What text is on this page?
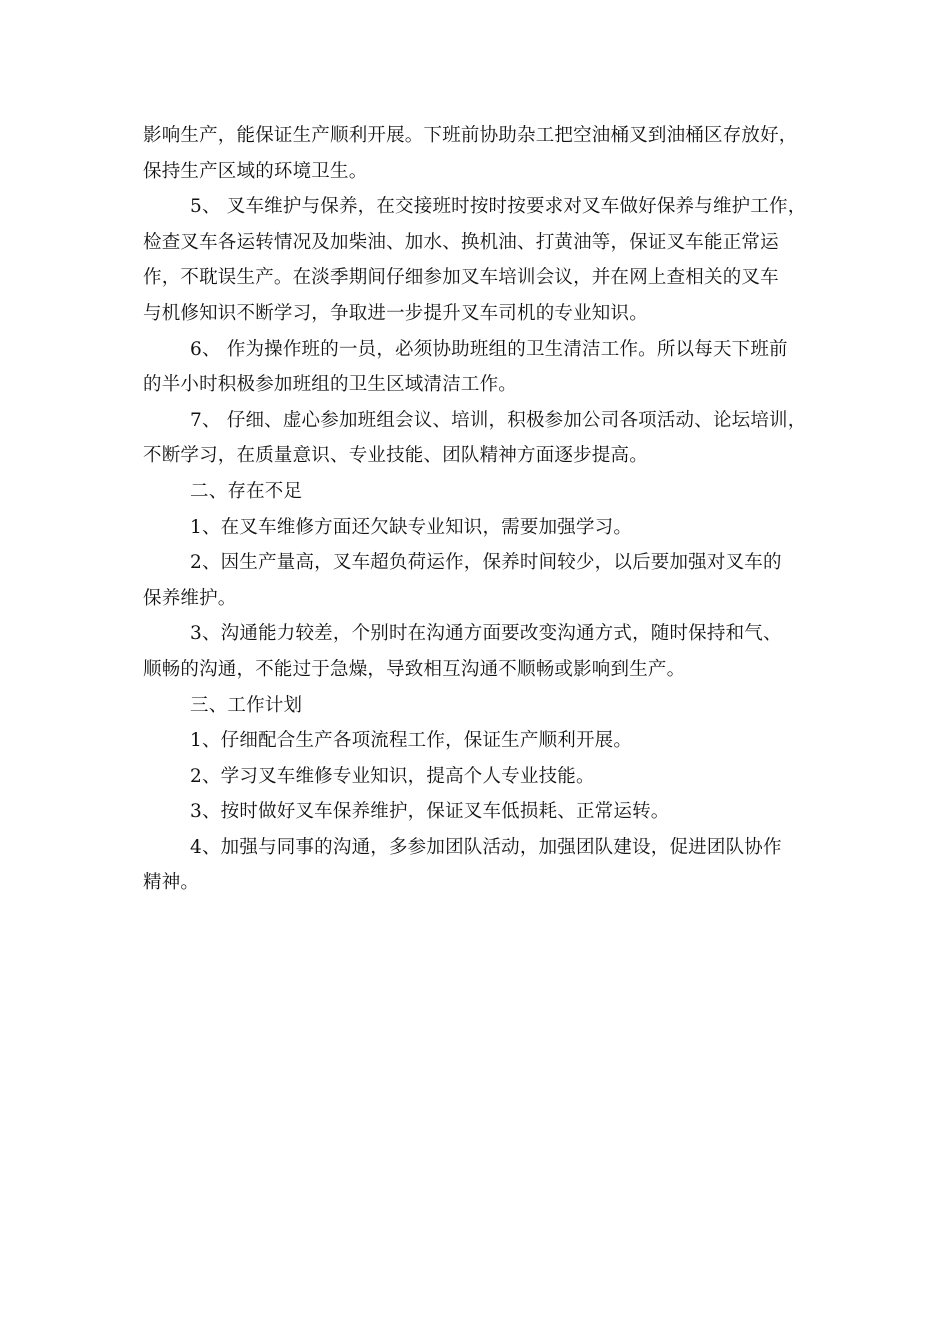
影响生产，能保证生产顺利开展。下班前协助杂工把空油桶叉到油桶区存放好，
保持生产区域的环境卫生。
5、 叉车维护与保养，在交接班时按时按要求对叉车做好保养与维护工作，
检查叉车各运转情况及加柴油、加水、换机油、打黄油等，保证叉车能正常运
作，不耽误生产。在淡季期间仔细参加叉车培训会议，并在网上查相关的叉车
与机修知识不断学习，争取进一步提升叉车司机的专业知识。
6、 作为操作班的一员，必须协助班组的卫生清洁工作。所以每天下班前
的半小时积极参加班组的卫生区域清洁工作。
7、 仔细、虚心参加班组会议、培训，积极参加公司各项活动、论坛培训，
不断学习，在质量意识、专业技能、团队精神方面逐步提高。
二、存在不足
1、在叉车维修方面还欠缺专业知识，需要加强学习。
2、因生产量高，叉车超负荷运作，保养时间较少，以后要加强对叉车的
保养维护。
3、沟通能力较差，个别时在沟通方面要改变沟通方式，随时保持和气、
顺畅的沟通，不能过于急燥，导致相互沟通不顺畅或影响到生产。
三、工作计划
1、仔细配合生产各项流程工作，保证生产顺利开展。
2、学习叉车维修专业知识，提高个人专业技能。
3、按时做好叉车保养维护，保证叉车低损耗、正常运转。
4、加强与同事的沟通，多参加团队活动，加强团队建设，促进团队协作
精神。
